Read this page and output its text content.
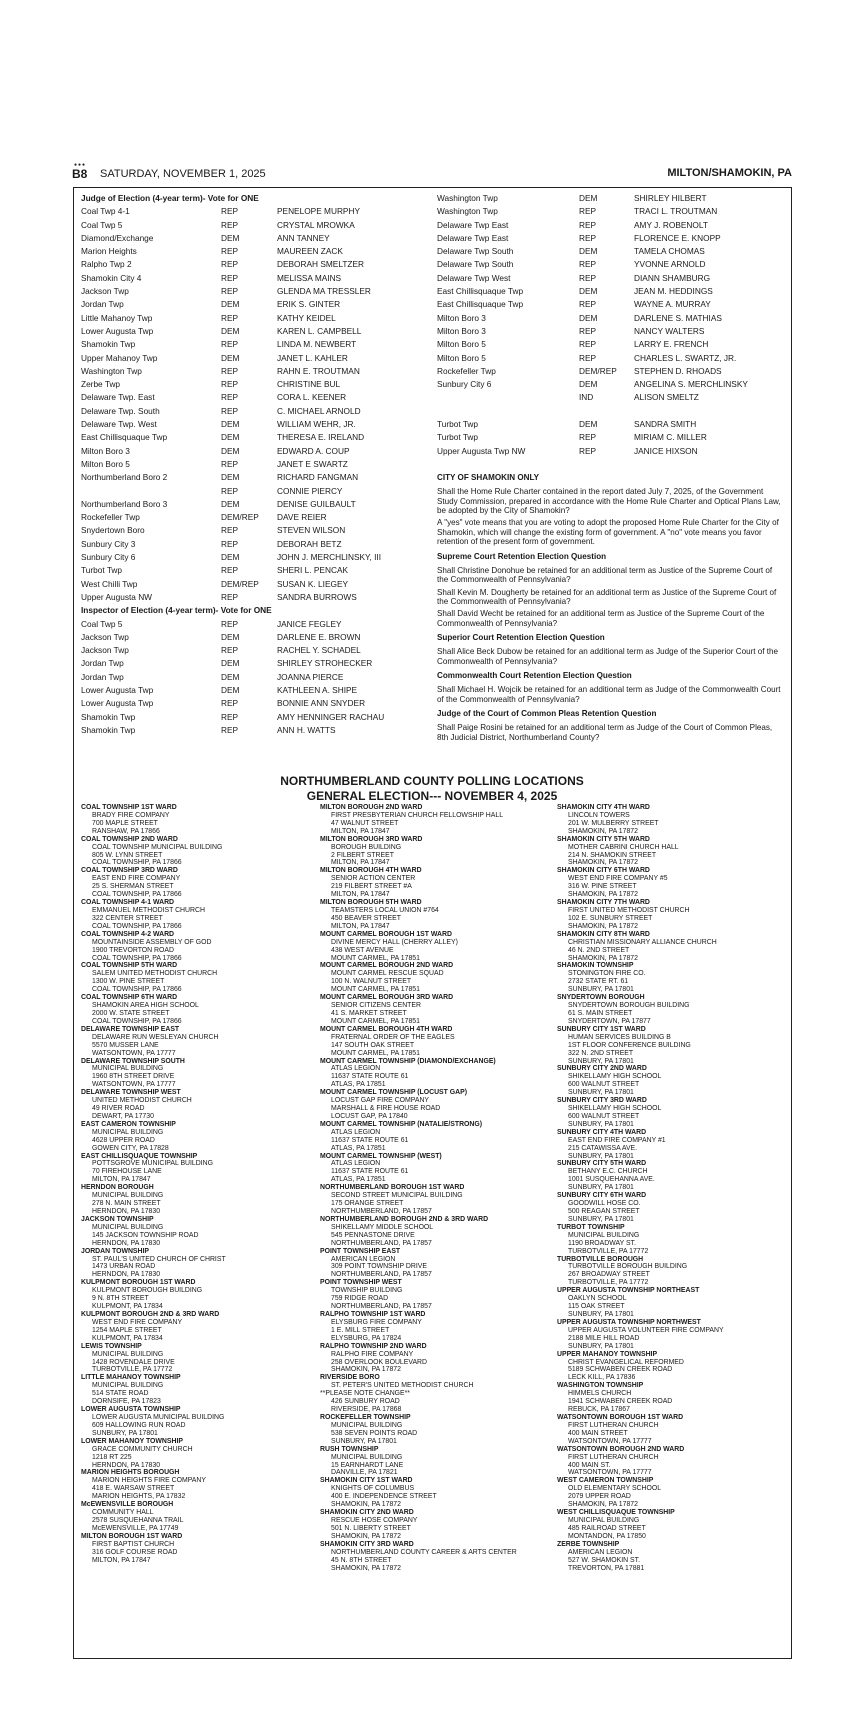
●●●
B8 SATURDAY, NOVEMBER 1, 2025	MILTON/SHAMOKIN, PA
Judge of Election (4-year term)- Vote for ONE
Coal Twp 4-1	REP	PENELOPE MURPHY
Coal Twp 5	REP	CRYSTAL MROWKA
Diamond/Exchange	DEM	ANN TANNEY
Marion Heights	REP	MAUREEN ZACK
Ralpho Twp 2	REP	DEBORAH SMELTZER
Shamokin City 4	REP	MELISSA MAINS
Jackson Twp	REP	GLENDA MA TRESSLER
Jordan Twp	DEM	ERIK S. GINTER
Little Mahanoy Twp	REP	KATHY KEIDEL
Lower Augusta Twp	DEM	KAREN L. CAMPBELL
Shamokin Twp	REP	LINDA M. NEWBERT
Upper Mahanoy Twp	DEM	JANET L. KAHLER
Washington Twp	REP	RAHN E. TROUTMAN
Zerbe Twp	REP	CHRISTINE BUL
Delaware Twp. East	REP	CORA L. KEENER
Delaware Twp. South	REP	C. MICHAEL ARNOLD
Delaware Twp. West	DEM	WILLIAM WEHR, JR.
East Chillisquaque Twp	DEM	THERESA E. IRELAND
Milton Boro 3	DEM	EDWARD A. COUP
Milton Boro 5	REP	JANET E SWARTZ
Northumberland Boro 2	DEM	RICHARD FANGMAN
REP	CONNIE PIERCY
Northumberland Boro 3	DEM	DENISE GUILBAULT
Rockefeller Twp	DEM/REP DAVE REIER
Snydertown Boro	REP	STEVEN WILSON
Sunbury City 3	REP	DEBORAH BETZ
Sunbury City 6	DEM	JOHN J. MERCHLINSKY, III
Turbot Twp	REP	SHERI L. PENCAK
West Chilli Twp	DEM/REP SUSAN K. LIEGEY
Upper Augusta NW	REP	SANDRA BURROWS
Inspector of Election (4-year term)- Vote for ONE
Coal Twp 5	REP	JANICE FEGLEY
Jackson Twp	DEM	DARLENE E. BROWN
Jackson Twp	REP	RACHEL Y. SCHADEL
Jordan Twp	DEM	SHIRLEY STROHECKER
Jordan Twp	DEM	JOANNA PIERCE
Lower Augusta Twp	DEM	KATHLEEN A. SHIPE
Lower Augusta Twp	REP	BONNIE ANN SNYDER
Shamokin Twp	REP	AMY HENNINGER RACHAU
Shamokin Twp	REP	ANN H. WATTS
Washington Twp	DEM	SHIRLEY HILBERT
Washington Twp	REP	TRACI L. TROUTMAN
Delaware Twp East	REP	AMY J. ROBENOLT
Delaware Twp East	REP	FLORENCE E. KNOPP
Delaware Twp South	DEM	TAMELA CHOMAS
Delaware Twp South	REP	YVONNE ARNOLD
Delaware Twp West	REP	DIANN SHAMBURG
East Chillisquaque Twp	DEM	JEAN M. HEDDINGS
East Chillisquaque Twp	REP	WAYNE A. MURRAY
Milton Boro 3	DEM	DARLENE S. MATHIAS
Milton Boro 3	REP	NANCY WALTERS
Milton Boro 5	REP	LARRY E. FRENCH
Milton Boro 5	REP	CHARLES L. SWARTZ, JR.
Rockefeller Twp	DEM/REP STEPHEN D. RHOADS
Sunbury City 6	DEM	ANGELINA S. MERCHLINSKY
IND	ALISON SMELTZ
Turbot Twp	DEM	SANDRA SMITH
Turbot Twp	REP	MIRIAM C. MILLER
Upper Augusta Twp NW	REP	JANICE HIXSON
CITY OF SHAMOKIN ONLY
Shall the Home Rule Charter contained in the report dated July 7, 2025, of the Government Study Commission, prepared in accordance with the Home Rule Charter and Optical Plans Law, be adopted by the City of Shamokin?
A "yes" vote means that you are voting to adopt the proposed Home Rule Charter for the City of Shamokin, which will change the existing form of government. A "no" vote means you favor retention of the present form of government.
Supreme Court Retention Election Question
Shall Christine Donohue be retained for an additional term as Justice of the Supreme Court of the Commonwealth of Pennsylvania?
Shall Kevin M. Dougherty be retained for an additional term as Justice of the Supreme Court of the Commonwealth of Pennsylvania?
Shall David Wecht be retained for an additional term as Justice of the Supreme Court of the Commonwealth of Pennsylvania?
Superior Court Retention Election Question
Shall Alice Beck Dubow be retained for an additional term as Judge of the Superior Court of the Commonwealth of Pennsylvania?
Commonwealth Court Retention Election Question
Shall Michael H. Wojcik be retained for an additional term as Judge of the Commonwealth Court of the Commonwealth of Pennsylvania?
Judge of the Court of Common Pleas Retention Question
Shall Paige Rosini be retained for an additional term as Judge of the Court of Common Pleas, 8th Judicial District, Northumberland County?
NORTHUMBERLAND COUNTY POLLING LOCATIONS
GENERAL ELECTION--- NOVEMBER 4, 2025
COAL TOWNSHIP 1ST WARD
BRADY FIRE COMPANY
700 MAPLE STREET
RANSHAW, PA 17866
COAL TOWNSHIP 2ND WARD
COAL TOWNSHIP MUNICIPAL BUILDING
805 W. LYNN STREET
COAL TOWNSHIP, PA 17866
COAL TOWNSHIP 3RD WARD
EAST END FIRE COMPANY
25 S. SHERMAN STREET
COAL TOWNSHIP, PA 17866
COAL TOWNSHIP 4-1 WARD
EMMANUEL METHODIST CHURCH
322 CENTER STREET
COAL TOWNSHIP, PA 17866
COAL TOWNSHIP 4-2 WARD
MOUNTAINSIDE ASSEMBLY OF GOD
1900 TREVORTON ROAD
COAL TOWNSHIP, PA 17866
COAL TOWNSHIP 5TH WARD
SALEM UNITED METHODIST CHURCH
1300 W. PINE STREET
COAL TOWNSHIP, PA 17866
COAL TOWNSHIP 6TH WARD
SHAMOKIN AREA HIGH SCHOOL
2000 W. STATE STREET
COAL TOWNSHIP, PA 17866
DELAWARE TOWNSHIP EAST
DELAWARE RUN WESLEYAN CHURCH
5570 MUSSER LANE
WATSONTOWN, PA 17777
DELAWARE TOWNSHIP SOUTH
MUNICIPAL BUILDING
1960 8TH STREET DRIVE
WATSONTOWN, PA 17777
DELAWARE TOWNSHIP WEST
UNITED METHODIST CHURCH
49 RIVER ROAD
DEWART, PA 17730
EAST CAMERON TOWNSHIP
MUNICIPAL BUILDING
4628 UPPER ROAD
GOWEN CITY, PA 17828
EAST CHILLISQUAQUE TOWNSHIP
POTTSGROVE MUNICIPAL BUILDING
70 FIREHOUSE LANE
MILTON, PA 17847
HERNDON BOROUGH
MUNICIPAL BUILDING
278 N. MAIN STREET
HERNDON, PA 17830
JACKSON TOWNSHIP
MUNICIPAL BUILDING
145 JACKSON TOWNSHIP ROAD
HERNDON, PA 17830
JORDAN TOWNSHIP
ST. PAUL'S UNITED CHURCH OF CHRIST
1473 URBAN ROAD
HERNDON, PA 17830
KULPMONT BOROUGH 1ST WARD
KULPMONT BOROUGH BUILDING
9 N. 8TH STREET
KULPMONT, PA 17834
KULPMONT BOROUGH 2ND & 3RD WARD
WEST END FIRE COMPANY
1254 MAPLE STREET
KULPMONT, PA 17834
LEWIS TOWNSHIP
MUNICIPAL BUILDING
1428 ROVENDALE DRIVE
TURBOTVILLE, PA 17772
LITTLE MAHANOY TOWNSHIP
MUNICIPAL BUILDING
514 STATE ROAD
DORNSIFE, PA 17823
LOWER AUGUSTA TOWNSHIP
LOWER AUGUSTA MUNICIPAL BUILDING
609 HALLOWING RUN ROAD
SUNBURY, PA 17801
LOWER MAHANOY TOWNSHIP
GRACE COMMUNITY CHURCH
1218 RT 225
HERNDON, PA 17830
MARION HEIGHTS BOROUGH
MARION HEIGHTS FIRE COMPANY
418 E. WARSAW STREET
MARION HEIGHTS, PA 17832
McEWENSVILLE BOROUGH
COMMUNITY HALL
2578 SUSQUEHANNA TRAIL
McEWENSVILLE, PA 17749
MILTON BOROUGH 1ST WARD
FIRST BAPTIST CHURCH
316 GOLF COURSE ROAD
MILTON, PA 17847
MILTON BOROUGH 2ND WARD
FIRST PRESBYTERIAN CHURCH FELLOWSHIP HALL
47 WALNUT STREET
MILTON, PA 17847
MILTON BOROUGH 3RD WARD
BOROUGH BUILDING
2 FILBERT STREET
MILTON, PA 17847
MILTON BOROUGH 4TH WARD
SENIOR ACTION CENTER
219 FILBERT STREET #A
MILTON, PA 17847
MILTON BOROUGH 5TH WARD
TEAMSTERS LOCAL UNION #764
450 BEAVER STREET
MILTON, PA 17847
MOUNT CARMEL BOROUGH 1ST WARD
DIVINE MERCY HALL (CHERRY ALLEY)
438 WEST AVENUE
MOUNT CARMEL, PA 17851
MOUNT CARMEL BOROUGH 2ND WARD
MOUNT CARMEL RESCUE SQUAD
100 N. WALNUT STREET
MOUNT CARMEL, PA 17851
MOUNT CARMEL BOROUGH 3RD WARD
SENIOR CITIZENS CENTER
41 S. MARKET STREET
MOUNT CARMEL, PA 17851
MOUNT CARMEL BOROUGH 4TH WARD
FRATERNAL ORDER OF THE EAGLES
147 SOUTH OAK STREET
MOUNT CARMEL, PA 17851
MOUNT CARMEL TOWNSHIP (DIAMOND/EXCHANGE)
ATLAS LEGION
11637 STATE ROUTE 61
ATLAS, PA 17851
MOUNT CARMEL TOWNSHIP (LOCUST GAP)
LOCUST GAP FIRE COMPANY
MARSHALL & FIRE HOUSE ROAD
LOCUST GAP, PA 17840
MOUNT CARMEL TOWNSHIP (NATALIE/STRONG)
ATLAS LEGION
11637 STATE ROUTE 61
ATLAS, PA 17851
MOUNT CARMEL TOWNSHIP (WEST)
ATLAS LEGION
11637 STATE ROUTE 61
ATLAS, PA 17851
NORTHUMBERLAND BOROUGH 1ST WARD
SECOND STREET MUNICIPAL BUILDING
175 ORANGE STREET
NORTHUMBERLAND, PA 17857
NORTHUMBERLAND BOROUGH 2ND & 3RD WARD
SHIKELLAMY MIDDLE SCHOOL
545 PENNASTONE DRIVE
NORTHUMBERLAND, PA 17857
POINT TOWNSHIP EAST
AMERICAN LEGION
309 POINT TOWNSHIP DRIVE
NORTHUMBERLAND, PA 17857
POINT TOWNSHIP WEST
TOWNSHIP BUILDING
759 RIDGE ROAD
NORTHUMBERLAND, PA 17857
RALPHO TOWNSHIP 1ST WARD
ELYSBURG FIRE COMPANY
1 E. MILL STREET
ELYSBURG, PA 17824
RALPHO TOWNSHIP 2ND WARD
RALPHO FIRE COMPANY
258 OVERLOOK BOULEVARD
SHAMOKIN, PA 17872
RIVERSIDE BORO
ST. PETER'S UNITED METHODIST CHURCH
**PLEASE NOTE CHANGE**
426 SUNBURY ROAD
RIVERSIDE, PA 17868
ROCKEFELLER TOWNSHIP
MUNICIPAL BUILDING
538 SEVEN POINTS ROAD
SUNBURY, PA 17801
RUSH TOWNSHIP
MUNICIPAL BUILDING
15 EARNHARDT LANE
DANVILLE, PA 17821
SHAMOKIN CITY 1ST WARD
KNIGHTS OF COLUMBUS
400 E. INDEPENDENCE STREET
SHAMOKIN, PA 17872
SHAMOKIN CITY 2ND WARD
RESCUE HOSE COMPANY
501 N. LIBERTY STREET
SHAMOKIN, PA 17872
SHAMOKIN CITY 3RD WARD
NORTHUMBERLAND COUNTY CAREER & ARTS CENTER
45 N. 8TH STREET
SHAMOKIN, PA 17872
SHAMOKIN CITY 4TH WARD
LINCOLN TOWERS
201 W. MULBERRY STREET
SHAMOKIN, PA 17872
SHAMOKIN CITY 5TH WARD
MOTHER CABRINI CHURCH HALL
214 N. SHAMOKIN STREET
SHAMOKIN, PA 17872
SHAMOKIN CITY 6TH WARD
WEST END FIRE COMPANY #5
316 W. PINE STREET
SHAMOKIN, PA 17872
SHAMOKIN CITY 7TH WARD
FIRST UNITED METHODIST CHURCH
102 E. SUNBURY STREET
SHAMOKIN, PA 17872
SHAMOKIN CITY 8TH WARD
CHRISTIAN MISSIONARY ALLIANCE CHURCH
46 N. 2ND STREET
SHAMOKIN, PA 17872
SHAMOKIN TOWNSHIP
STONINGTON FIRE CO.
2732 STATE RT. 61
SUNBURY, PA 17801
SNYDERTOWN BOROUGH
SNYDERTOWN BOROUGH BUILDING
61 S. MAIN STREET
SNYDERTOWN, PA 17877
SUNBURY CITY 1ST WARD
HUMAN SERVICES BUILDING B
1ST FLOOR CONFERENCE BUILDING
322 N. 2ND STREET
SUNBURY, PA 17801
SUNBURY CITY 2ND WARD
SHIKELLAMY HIGH SCHOOL
600 WALNUT STREET
SUNBURY, PA 17801
SUNBURY CITY 3RD WARD
SHIKELLAMY HIGH SCHOOL
600 WALNUT STREET
SUNBURY, PA 17801
SUNBURY CITY 4TH WARD
EAST END FIRE COMPANY #1
215 CATAWISSA AVE.
SUNBURY, PA 17801
SUNBURY CITY 5TH WARD
BETHANY E.C. CHURCH
1001 SUSQUEHANNA AVE.
SUNBURY, PA 17801
SUNBURY CITY 6TH WARD
GOODWILL HOSE CO.
500 REAGAN STREET
SUNBURY, PA 17801
TURBOT TOWNSHIP
MUNICIPAL BUILDING
1190 BROADWAY ST.
TURBOTVILLE, PA 17772
TURBOTVILLE BOROUGH
TURBOTVILLE BOROUGH BUILDING
267 BROADWAY STREET
TURBOTVILLE, PA 17772
UPPER AUGUSTA TOWNSHIP NORTHEAST
OAKLYN SCHOOL
115 OAK STREET
SUNBURY, PA 17801
UPPER AUGUSTA TOWNSHIP NORTHWEST
UPPER AUGUSTA VOLUNTEER FIRE COMPANY
2188 MILE HILL ROAD
SUNBURY, PA 17801
UPPER MAHANOY TOWNSHIP
CHRIST EVANGELICAL REFORMED
5189 SCHWABEN CREEK ROAD
LECK KILL, PA 17836
WASHINGTON TOWNSHIP
HIMMELS CHURCH
1941 SCHWABEN CREEK ROAD
REBUCK, PA 17867
WATSONTOWN BOROUGH 1ST WARD
FIRST LUTHERAN CHURCH
400 MAIN STREET
WATSONTOWN, PA 17777
WATSONTOWN BOROUGH 2ND WARD
FIRST LUTHERAN CHURCH
400 MAIN ST.
WATSONTOWN, PA 17777
WEST CAMERON TOWNSHIP
OLD ELEMENTARY SCHOOL
2079 UPPER ROAD
SHAMOKIN, PA 17872
WEST CHILLISQUAQUE TOWNSHIP
MUNICIPAL BUILDING
485 RAILROAD STREET
MONTANDON, PA 17850
ZERBE TOWNSHIP
AMERICAN LEGION
527 W. SHAMOKIN ST.
TREVORTON, PA 17881
